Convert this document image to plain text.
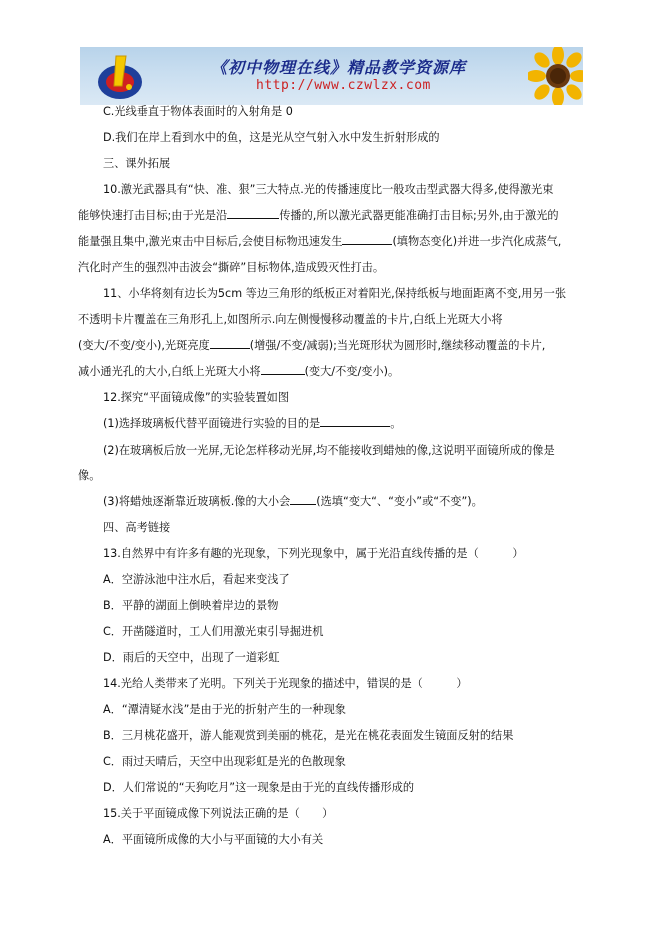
《初中物理在线》精品教学资源库
http://www.czwlzx.com
C.光线垂直于物体表面时的入射角是 0
D.我们在岸上看到水中的鱼，这是光从空气射入水中发生折射形成的
三、课外拓展
10.激光武器具有“快、准、狠”三大特点.光的传播速度比一般攻击型武器大得多,使得激光束
能够快速打击目标;由于光是沿	传播的,所以激光武器更能准确打击目标;另外,由于激光的
能量强且集中,激光束击中目标后,会使目标物迅速发生	(填物态变化)并进一步汽化成蒸气,
汽化时产生的强烈冲击波会“撕碎”目标物体,造成毁灭性打击。
11、小华将刻有边长为5cm 等边三角形的纸板正对着阳光,保持纸板与地面距离不变,用另一张
不透明卡片覆盖在三角形孔上,如图所示.向左侧慢慢移动覆盖的卡片,白纸上光斑大小将
(变大/不变/变小),光斑亮度	(增强/不变/减弱);当光斑形状为圆形时,继续移动覆盖的卡片,
减小通光孔的大小,白纸上光斑大小将	(变大/不变/变小)。
12.探究“平面镜成像”的实验装置如图
(1)选择玻璃板代替平面镜进行实验的目的是	。
(2)在玻璃板后放一光屏,无论怎样移动光屏,均不能接收到蜡烛的像,这说明平面镜所成的像是
像。
(3)将蜡烛逐渐靠近玻璃板.像的大小会 (选填“变大“、“变小”或“不变”)。
四、高考链接
13.自然界中有许多有趣的光现象，下列光现象中，属于光沿直线传播的是（　　　）
A．空游泳池中注水后，看起来变浅了
B．平静的湖面上倒映着岸边的景物
C．开凿隧道时，工人们用激光束引导掘进机
D．雨后的天空中，出现了一道彩虹
14.光给人类带来了光明。下列关于光现象的描述中，错误的是（　　　）
A．“潭清疑水浅”是由于光的折射产生的一种现象
B．三月桃花盛开，游人能观赏到美丽的桃花，是光在桃花表面发生镜面反射的结果
C．雨过天晴后，天空中出现彩虹是光的色散现象
D．人们常说的“天狗吃月”这一现象是由于光的直线传播形成的
15.关于平面镜成像下列说法正确的是（　　）
A．平面镜所成像的大小与平面镜的大小有关
